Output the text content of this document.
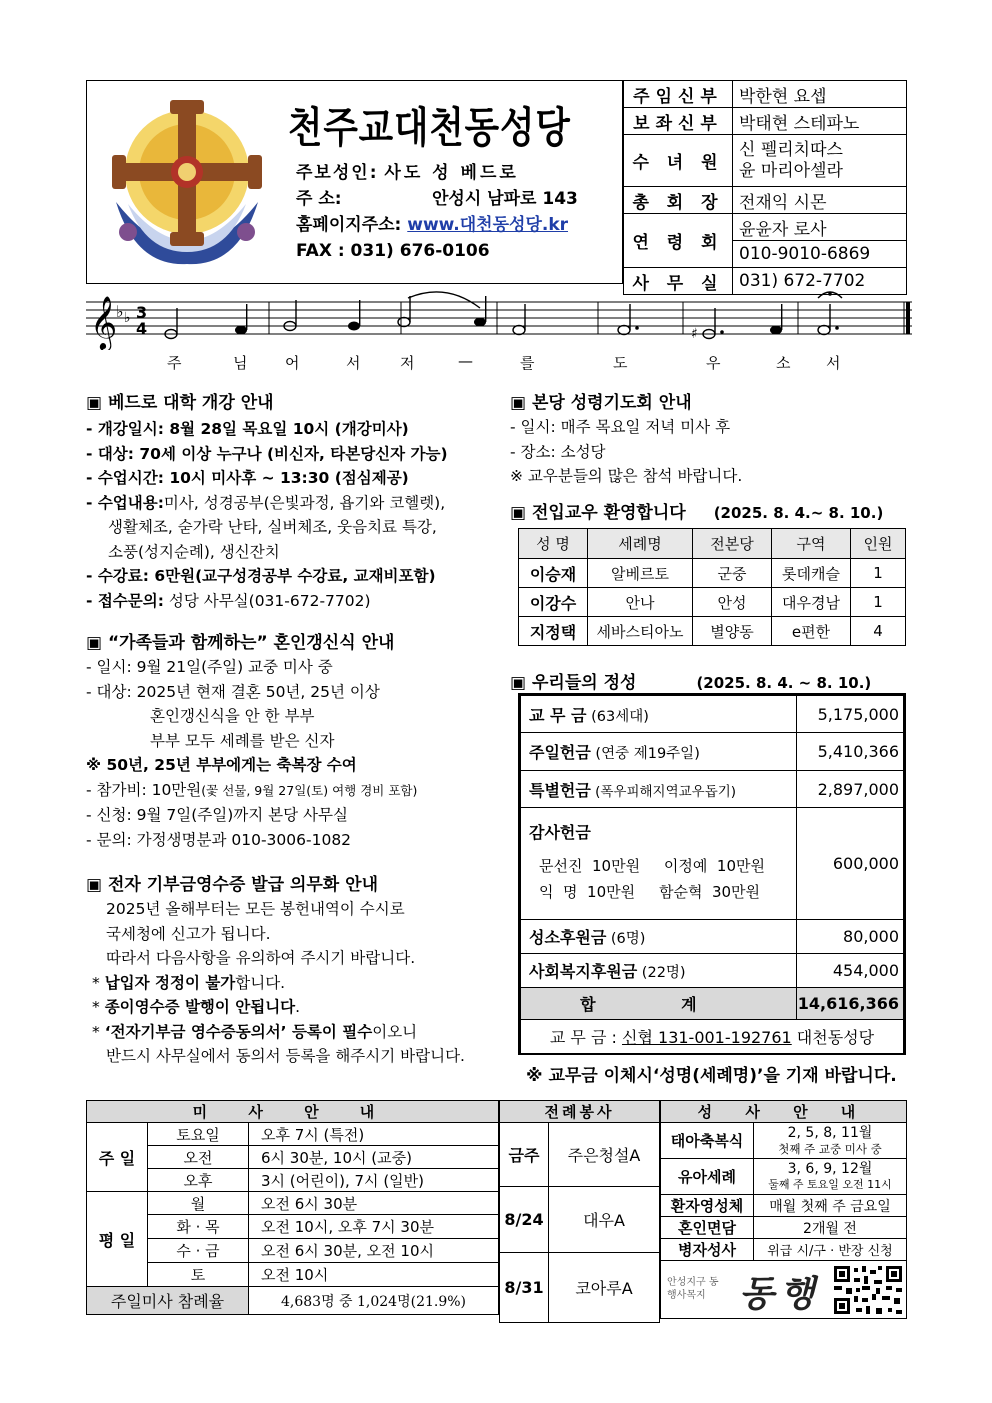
천주교대천동성당
주보성인: 사도 성 베드로
주 소:	안성시 남파로 143
홈페이지주소: www.대천동성당.kr
FAX : 031) 676-0106
주임신부	박한현 요셉
보좌신부	박태현 스테파노
수 녀 원	신 펠리치따스
윤 마리아셀라

총 회 장	전재익 시몬
연 령 회	윤윤자 로사
	010-9010-6869
사 무 실	031) 672-7702
𝄞
♭ ♭ 3
4	♯
주	님	어	서	저	—	를	도	우	소 서
▣ 베드로 대학 개강 안내
- 개강일시: 8월 28일 목요일 10시 (개강미사)
- 대상: 70세 이상 누구나 (비신자, 타본당신자 가능)
- 수업시간: 10시 미사후 ~ 13:30 (점심제공)
- 수업내용:미사, 성경공부(은빛과정, 욥기와 코헬렛),
생활체조, 숟가락 난타, 실버체조, 웃음치료 특강,
소풍(성지순례), 생신잔치
- 수강료: 6만원(교구성경공부 수강료, 교재비포함)
- 접수문의: 성당 사무실(031-672-7702)
▣ “가족들과 함께하는” 혼인갱신식 안내
- 일시: 9월 21일(주일) 교중 미사 중
- 대상: 2025년 현재 결혼 50년, 25년 이상
혼인갱신식을 안 한 부부
부부 모두 세례를 받은 신자
※ 50년, 25년 부부에게는 축복장 수여
- 참가비: 10만원(꽃 선물, 9월 27일(토) 여행 경비 포함)
- 신청: 9월 7일(주일)까지 본당 사무실
- 문의: 가정생명분과 010-3006-1082
▣ 전자 기부금영수증 발급 의무화 안내
2025년 올해부터는 모든 봉헌내역이 수시로
국세청에 신고가 됩니다.
따라서 다음사항을 유의하여 주시기 바랍니다.
* 납입자 정정이 불가합니다.
* 종이영수증 발행이 안됩니다.
* ‘전자기부금 영수증동의서’ 등록이 필수이오니
반드시 사무실에서 동의서 등록을 해주시기 바랍니다.
▣ 본당 성령기도회 안내
- 일시: 매주 목요일 저녁 미사 후
- 장소: 소성당
※ 교우분들의 많은 참석 바랍니다.
▣ 전입교우 환영합니다 (2025. 8. 4.~ 8. 10.)
성 명	세례명	전본당	구역	인원
이승재	알베르토	군중	롯데캐슬	1
이강수	안나	안성	대우경남	1
지정택	세바스티아노	별양동	e편한	4
▣ 우리들의 정성	(2025. 8. 4. ~ 8. 10.)
교 무 금 (63세대)	5,175,000
주일헌금 (연중 제19주일)	5,410,366
특별헌금 (폭우피해지역교우돕기)	2,897,000

감사헌금
문선진  10만원     이정예  10만원
익  명  10만원     함순혁  30만원	600,000
성소후원금 (6명)	80,000
사회복지후원금 (22명)	454,000
합 계	14,616,366
교 무 금 : 신협 131-001-192761 대천동성당	
※ 교무금 이체시‘성명(세례명)’을 기재 바랍니다.
미 사 안 내		
주 일	토요일	오후 7시 (특전)
	오전	6시 30분, 10시 (교중)
	오후	3시 (어린이), 7시 (일반)
평 일	월	오전 6시 30분
	화 · 목	오전 10시, 오후 7시 30분
	수 · 금	오전 6시 30분, 오전 10시
	토	오전 10시
주일미사 참례율		4,683명 중 1,024명(21.9%)
전례봉사	
금주	주은청설A
8/24	대우A
8/31	코아루A
성 사 안 내	
태아축복식	2, 5, 8, 11월
첫째 주 교중 미사 중

유아세례	3, 6, 9, 12월
둘째 주 토요일 오전 11시

환자영성체	매월 첫째 주 금요일
혼인면담	2개월 전
병자성사	위급 시/구 · 반장 신청

안성지구 동행사목지 동행	
